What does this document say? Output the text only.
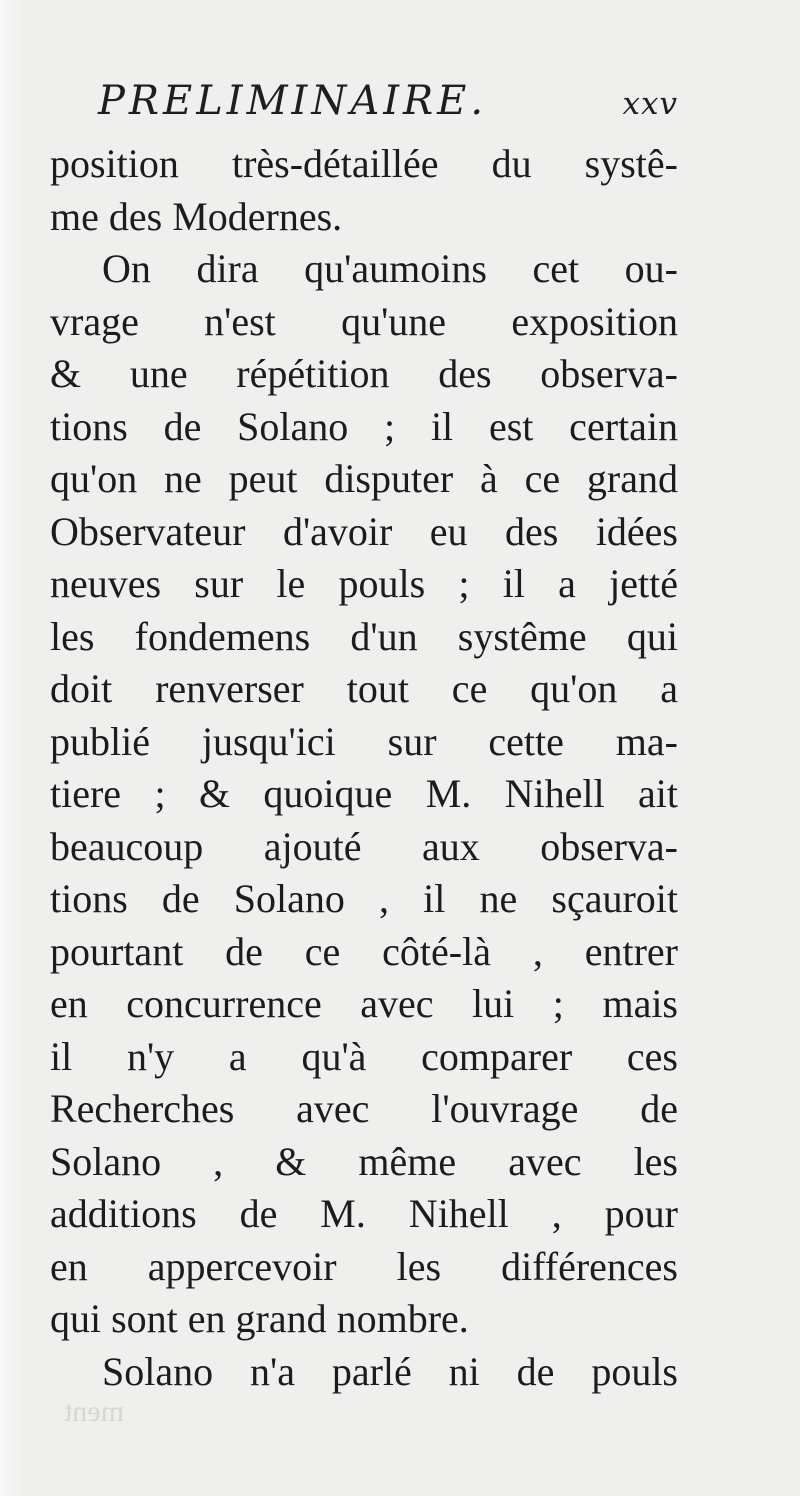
PRELIMINAIRE.	xxv
position très-détaillée du systê-
me des Modernes.
On dira qu'aumoins cet ou-
vrage n'est qu'une exposition
& une répétition des observa-
tions de Solano ; il est certain
qu'on ne peut disputer à ce grand
Observateur d'avoir eu des idées
neuves sur le pouls ; il a jetté
les fondemens d'un systême qui
doit renverser tout ce qu'on a
publié jusqu'ici sur cette ma-
tiere ; & quoique M. Nihell ait
beaucoup ajouté aux observa-
tions de Solano , il ne sçauroit
pourtant de ce côté-là , entrer
en concurrence avec lui ; mais
il n'y a qu'à comparer ces
Recherches avec l'ouvrage de
Solano , & même avec les
additions de M. Nihell , pour
en appercevoir les différences
qui sont en grand nombre.
Solano n'a parlé ni de pouls
ment
